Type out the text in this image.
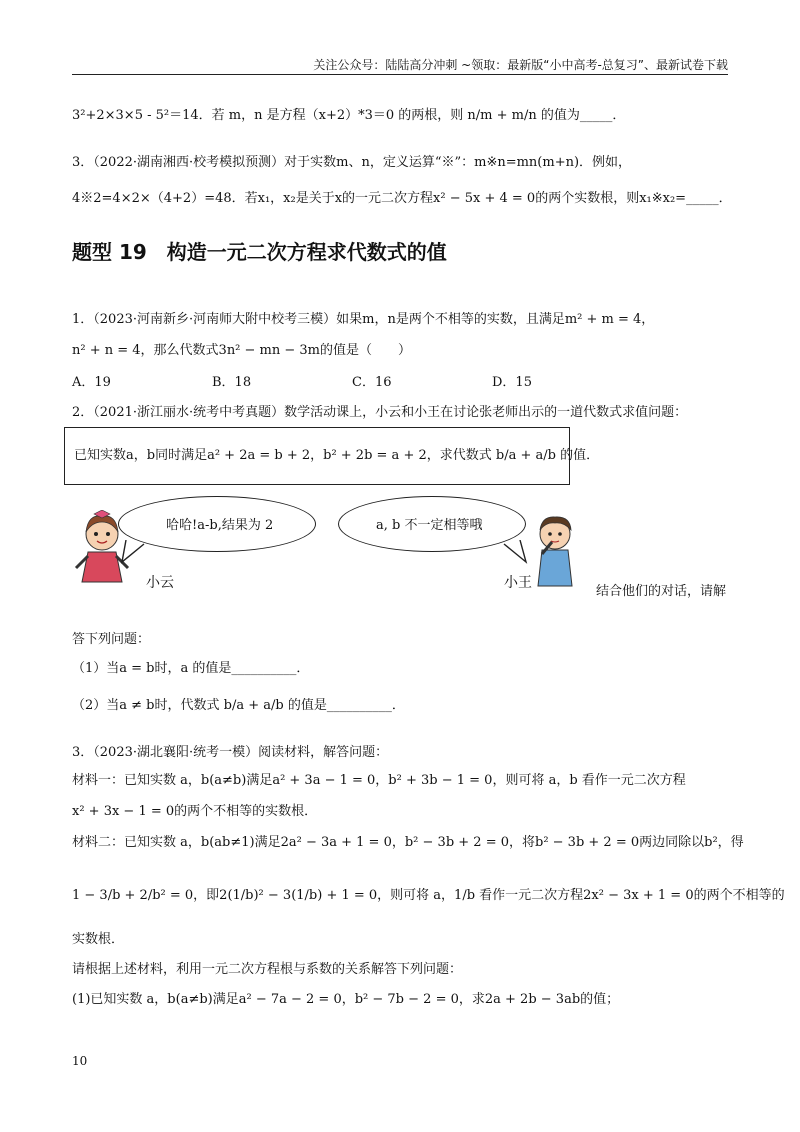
关注公众号：陆陆高分冲刺 ~领取：最新版“小中高考-总复习”、最新试卷下载
3²+2×3×5 - 5²＝14．若 m，n 是方程（x+2）*3＝0 的两根，则 n/m + m/n 的值为_____．
3．（2022·湖南湘西·校考模拟预测）对于实数m、n，定义运算“※”：m※n=mn(m+n)．例如，
4※2=4×2×（4+2）=48．若x₁，x₂是关于x的一元二次方程x² − 5x + 4 = 0的两个实数根，则x₁※x₂=_____．
题型 19　构造一元二次方程求代数式的值
1．（2023·河南新乡·河南师大附中校考三模）如果m，n是两个不相等的实数，且满足m² + m = 4，
n² + n = 4，那么代数式3n² − mn − 3m的值是（　　）
A．19	B．18	C．16	D．15
2．（2021·浙江丽水·统考中考真题）数学活动课上，小云和小王在讨论张老师出示的一道代数式求值问题：
已知实数a，b同时满足a² + 2a = b + 2，b² + 2b = a + 2，求代数式 b/a + a/b 的值．
哈哈!a-b,结果为 2
小云
a, b 不一定相等哦
小王
结合他们的对话，请解
答下列问题：
（1）当a = b时，a 的值是__________．
（2）当a ≠ b时，代数式 b/a + a/b 的值是__________．
3．（2023·湖北襄阳·统考一模）阅读材料，解答问题：
材料一：已知实数 a，b(a≠b)满足a² + 3a − 1 = 0，b² + 3b − 1 = 0，则可将 a，b 看作一元二次方程
x² + 3x − 1 = 0的两个不相等的实数根．
材料二：已知实数 a，b(ab≠1)满足2a² − 3a + 1 = 0，b² − 3b + 2 = 0，将b² − 3b + 2 = 0两边同除以b²，得
1 − 3/b + 2/b² = 0，即2(1/b)² − 3(1/b) + 1 = 0，则可将 a，1/b 看作一元二次方程2x² − 3x + 1 = 0的两个不相等的
实数根．
请根据上述材料，利用一元二次方程根与系数的关系解答下列问题：
(1)已知实数 a，b(a≠b)满足a² − 7a − 2 = 0，b² − 7b − 2 = 0，求2a + 2b − 3ab的值；
10
